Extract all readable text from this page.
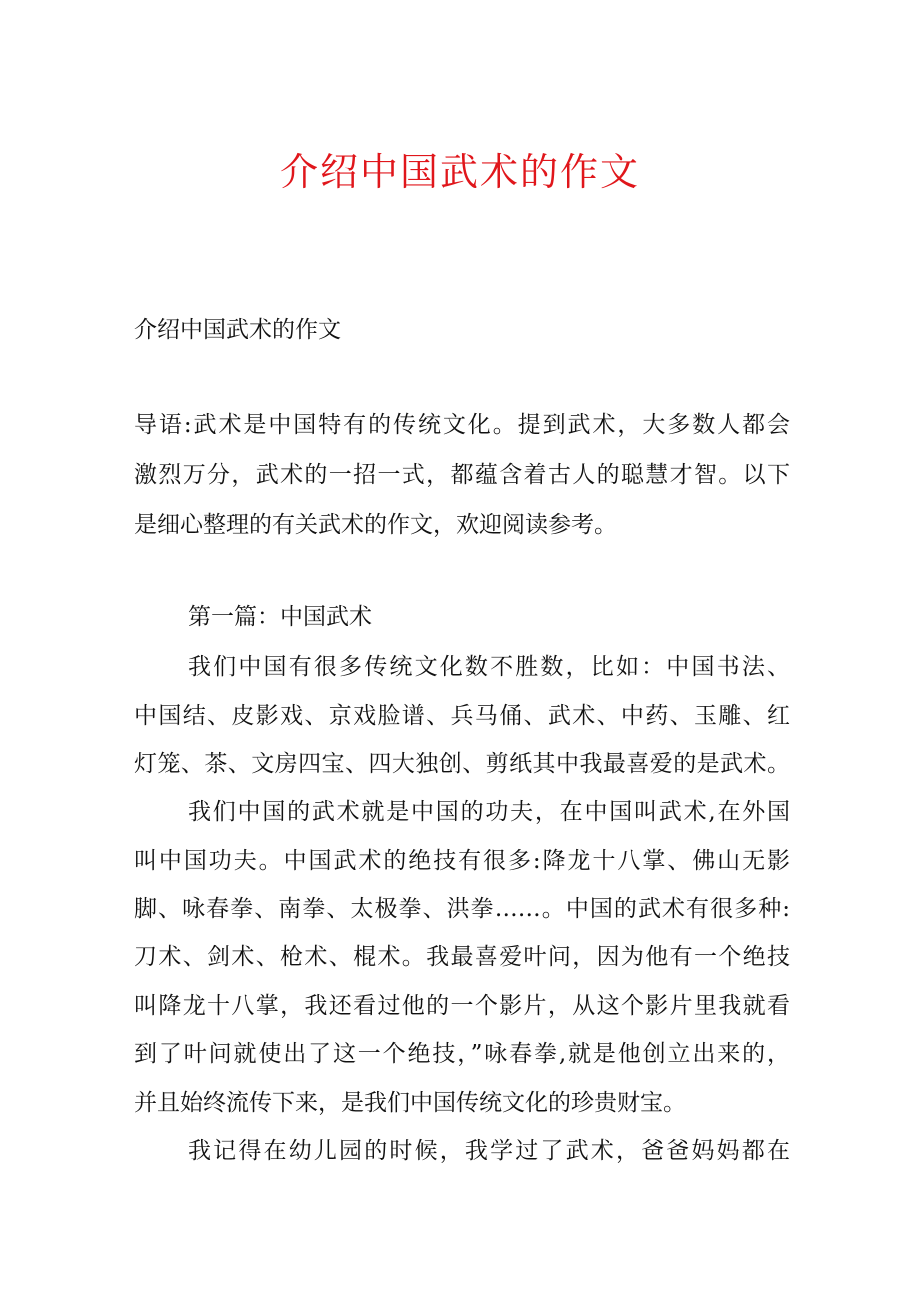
介绍中国武术的作文

介绍中国武术的作文

导语:武术是中国特有的传统文化。提到武术，大多数人都会

激烈万分，武术的一招一式，都蕴含着古人的聪慧才智。以下

是细心整理的有关武术的作文，欢迎阅读参考。

第一篇：中国武术

我们中国有很多传统文化数不胜数，比如：中国书法、

中国结、皮影戏、京戏脸谱、兵马俑、武术、中药、玉雕、红

灯笼、茶、文房四宝、四大独创、剪纸其中我最喜爱的是武术。

我们中国的武术就是中国的功夫，在中国叫武术,在外国

叫中国功夫。中国武术的绝技有很多:降龙十八掌、佛山无影

脚、咏春拳、南拳、太极拳、洪拳……。中国的武术有很多种:

刀术、剑术、枪术、棍术。我最喜爱叶问，因为他有一个绝技

叫降龙十八掌，我还看过他的一个影片，从这个影片里我就看

到了叶问就使出了这一个绝技，”咏春拳,就是他创立出来的，

并且始终流传下来，是我们中国传统文化的珍贵财宝。

我记得在幼儿园的时候，我学过了武术，爸爸妈妈都在
